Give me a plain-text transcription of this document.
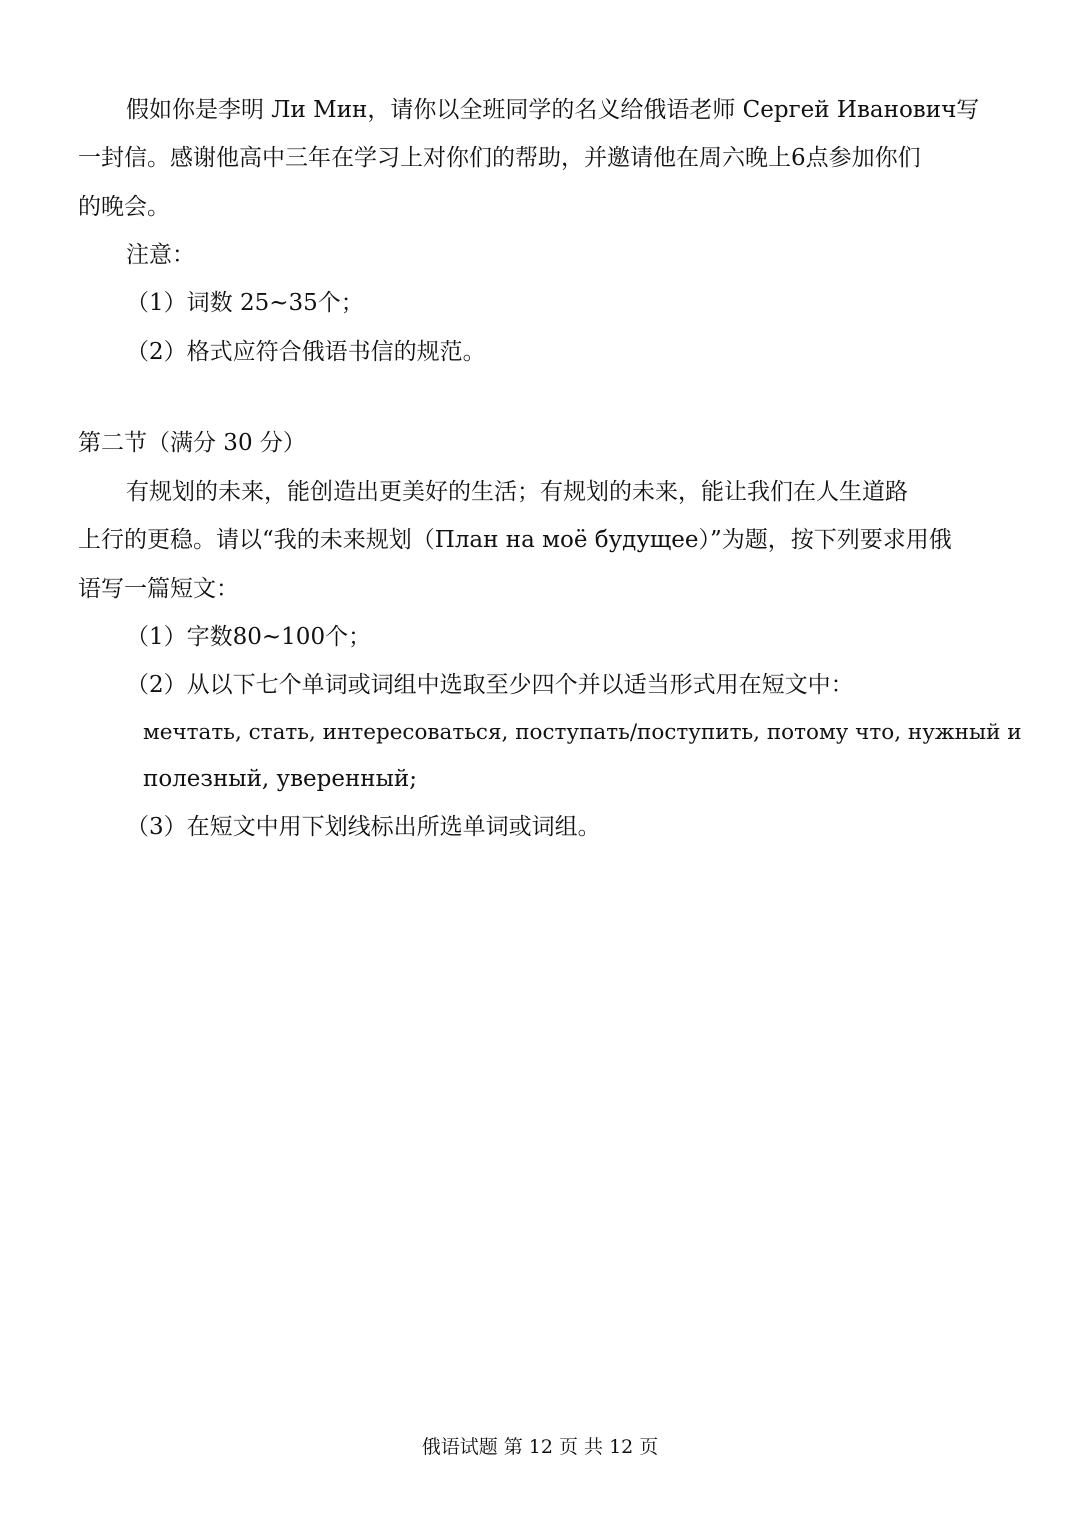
假如你是李明 Ли Мин，请你以全班同学的名义给俄语老师 Сергей Иванович写
一封信。感谢他高中三年在学习上对你们的帮助，并邀请他在周六晚上6点参加你们
的晚会。
注意：
（1）词数 25~35个；
（2）格式应符合俄语书信的规范。
第二节（满分 30 分）
有规划的未来，能创造出更美好的生活；有规划的未来，能让我们在人生道路
上行的更稳。请以“我的未来规划（План на моё будущее）”为题，按下列要求用俄
语写一篇短文：
（1）字数80~100个；
（2）从以下七个单词或词组中选取至少四个并以适当形式用在短文中：
мечтать, стать, интересоваться, поступать/поступить, потому что, нужный и
полезный, уверенный;
（3）在短文中用下划线标出所选单词或词组。
俄语试题 第 12 页 共 12 页
